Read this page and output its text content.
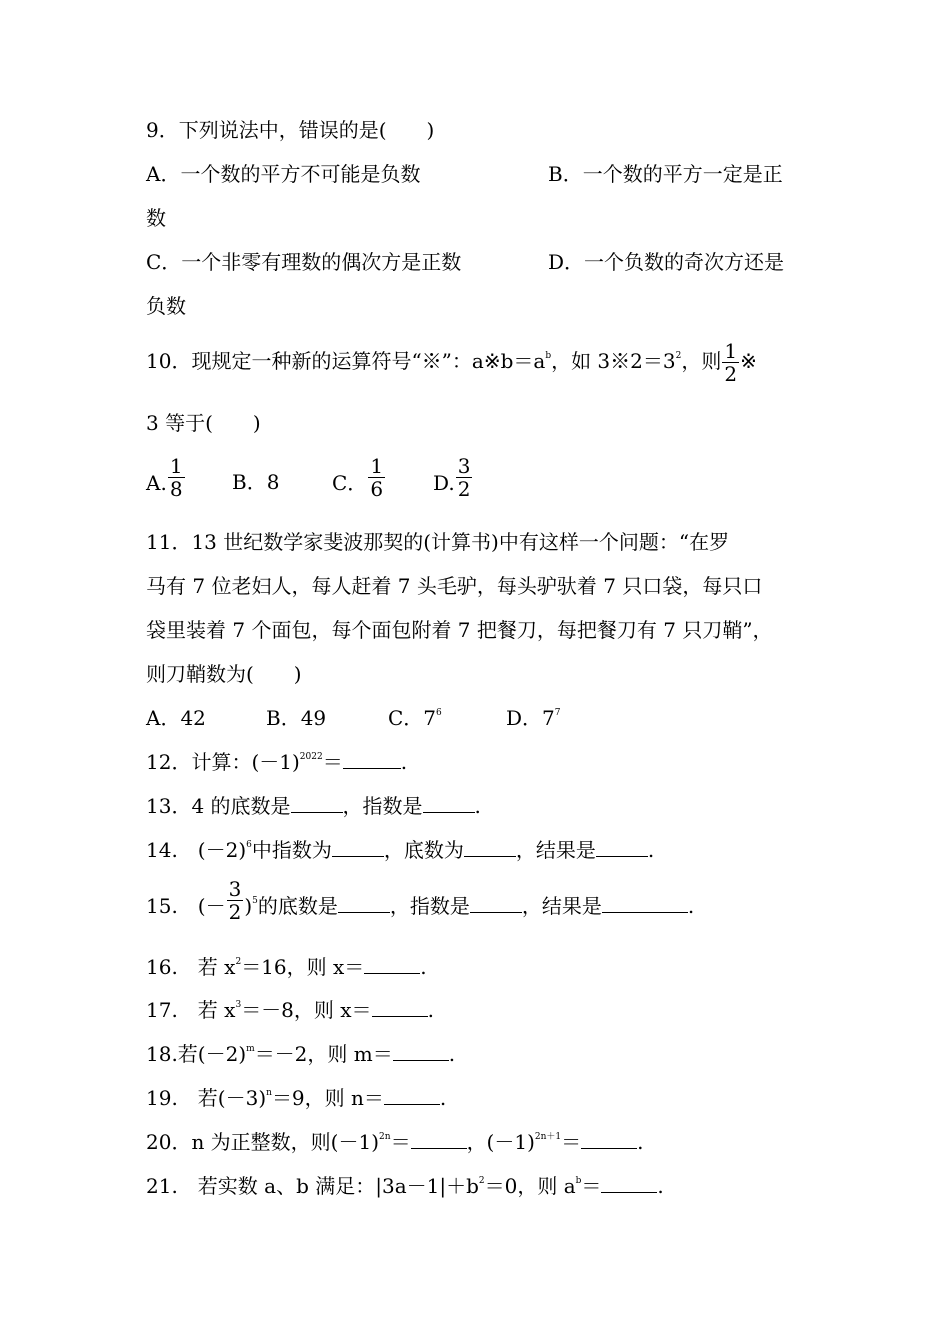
9．下列说法中，错误的是(　　)
A．一个数的平方不可能是负数	B．一个数的平方一定是正
数
C．一个非零有理数的偶次方是正数	D．一个负数的奇次方还是
负数
10．现规定一种新的运算符号“※”：$a※b=a^b$，如 $3※2=3^2$，则 $\frac{1}{2}$ ※
3 等于(　　)
A. $\frac{1}{8}$ B．8	C． $\frac{1}{6} D$. $\frac{3}{2}$
11．13 世纪数学家斐波那契的(计算书)中有这样一个问题：“在罗
马有 7 位老妇人，每人赶着 7 头毛驴，每头驴驮着 7 只口袋，每只口
袋里装着 7 个面包，每个面包附着 7 把餐刀，每把餐刀有 7 只刀鞘”，
则刀鞘数为(　　)
A．42	B．49	C．$7^6$	D．$7^7$
12．计算：$(-1)^{2022}=$	.
13．4 的底数是	，指数是	.
14.　$(-2)^6$中指数为	，底数为	，结果是	.
15.　(－ $\frac{3}{2} )^5$的底数是	，指数是	，结果是	.
16.　若 $x^2=16$，则 x＝	.
17.　若 $x^3=-8$，则 x＝	.
18.若$(-2)^m=-2$，则 m＝	.
19.　若$(-3)^n=9$，则 n＝	.
20．n 为正整数，则$(-1)^{2n}=$	，$(-1)^{2n+1}=$	.
21.　若实数 a、b 满足：$|3a-1|+b^2=0$，则 $a^b=$	.
